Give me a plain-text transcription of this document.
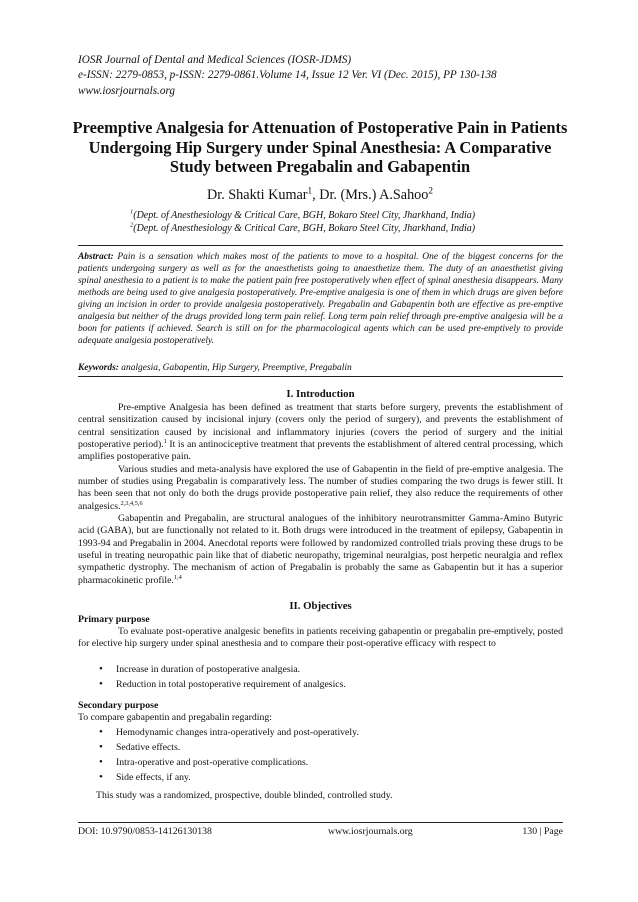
IOSR Journal of Dental and Medical Sciences (IOSR-JDMS)
e-ISSN: 2279-0853, p-ISSN: 2279-0861.Volume 14, Issue 12 Ver. VI (Dec. 2015), PP 130-138
www.iosrjournals.org
Preemptive Analgesia for Attenuation of Postoperative Pain in Patients Undergoing Hip Surgery under Spinal Anesthesia: A Comparative Study between Pregabalin and Gabapentin
Dr. Shakti Kumar$^1$, Dr. (Mrs.) A.Sahoo$^2$
$^1$(Dept. of Anesthesiology & Critical Care, BGH, Bokaro Steel City, Jharkhand, India)
$^2$(Dept. of Anesthesiology & Critical Care, BGH, Bokaro Steel City, Jharkhand, India)
Abstract: Pain is a sensation which makes most of the patients to move to a hospital. One of the biggest concerns for the patients undergoing surgery as well as for the anaesthetists going to anaesthetize them. The duty of an anaesthetist giving spinal anesthesia to a patient is to make the patient pain free postoperatively when effect of spinal anesthesia disappears. Many methods are being used to give analgesia postoperatively. Pre-emptive analgesia is one of them in which drugs are given before giving an incision in order to provide analgesia postoperatively. Pregabalin and Gabapentin both are effective as pre-emptive analgesia but neither of the drugs provided long term pain relief. Long term pain relief through pre-emptive analgesia will be a boon for patients if achieved. Search is still on for the pharmacological agents which can be used pre-emptively to provide adequate analgesia postoperatively.
Keywords: analgesia, Gabapentin, Hip Surgery, Preemptive, Pregabalin
I. Introduction

Pre-emptive Analgesia has been defined as treatment that starts before surgery, prevents the establishment of central sensitization caused by incisional injury (covers only the period of surgery), and prevents the establishment of central sensitization caused by incisional and inflammatory injuries (covers the period of surgery and the initial postoperative period).$^1$ It is an antinociceptive treatment that prevents the establishment of altered central processing, which amplifies postoperative pain.

Various studies and meta-analysis have explored the use of Gabapentin in the field of pre-emptive analgesia. The number of studies using Pregabalin is comparatively less. The number of studies comparing the two drugs is fewer still. It has been seen that not only do both the drugs provide postoperative pain relief, they also reduce the requirements of other analgesics.$^{2,3,4,5,6}$

Gabapentin and Pregabalin, are structural analogues of the inhibitory neurotransmitter Gamma-Amino Butyric acid (GABA), but are functionally not related to it. Both drugs were introduced in the treatment of epilepsy, Gabapentin in 1993-94 and Pregabalin in 2004. Anecdotal reports were followed by randomized controlled trials proving these drugs to be useful in treating neuropathic pain like that of diabetic neuropathy, trigeminal neuralgias, post herpetic neuralgia and reflex sympathetic dystrophy. The mechanism of action of Pregabalin is probably the same as Gabapentin but it has a superior pharmacokinetic profile.$^{1,4}$

II. Objectives
Primary purpose

To evaluate post-operative analgesic benefits in patients receiving gabapentin or pregabalin pre-emptively, posted for elective hip surgery under spinal anesthesia and to compare their post-operative efficacy with respect to

• Increase in duration of postoperative analgesia.
• Reduction in total postoperative requirement of analgesics.
Secondary purpose
To compare gabapentin and pregabalin regarding:
• Hemodynamic changes intra-operatively and post-operatively.
• Sedative effects.
• Intra-operative and post-operative complications.
• Side effects, if any.
This study was a randomized, prospective, double blinded, controlled study.
DOI: 10.9790/0853-14126130138	www.iosrjournals.org	130 | Page
